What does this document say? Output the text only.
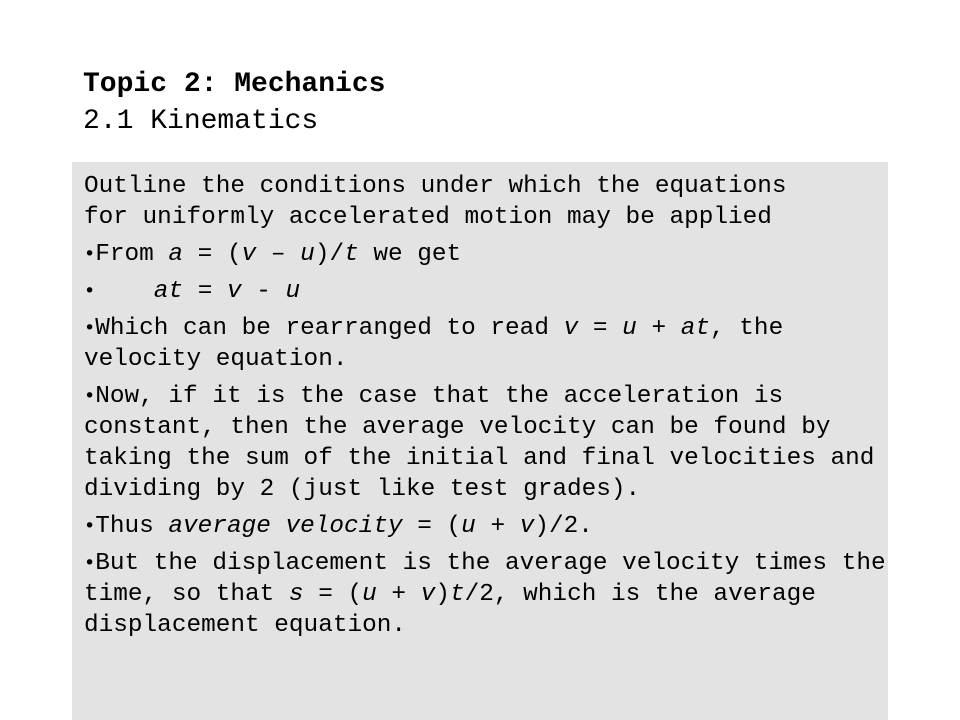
Topic 2: Mechanics
2.1 Kinematics
Outline the conditions under which the equations
for uniformly accelerated motion may be applied
•From a = (v – u)/t we get
• at = v - u
•Which can be rearranged to read v = u + at, the velocity equation.
•Now, if it is the case that the acceleration is constant, then the average velocity can be found by taking the sum of the initial and final velocities and dividing by 2 (just like test grades).
•Thus average velocity = (u + v)/2.
•But the displacement is the average velocity times the time, so that s = (u + v)t/2, which is the average displacement equation.
